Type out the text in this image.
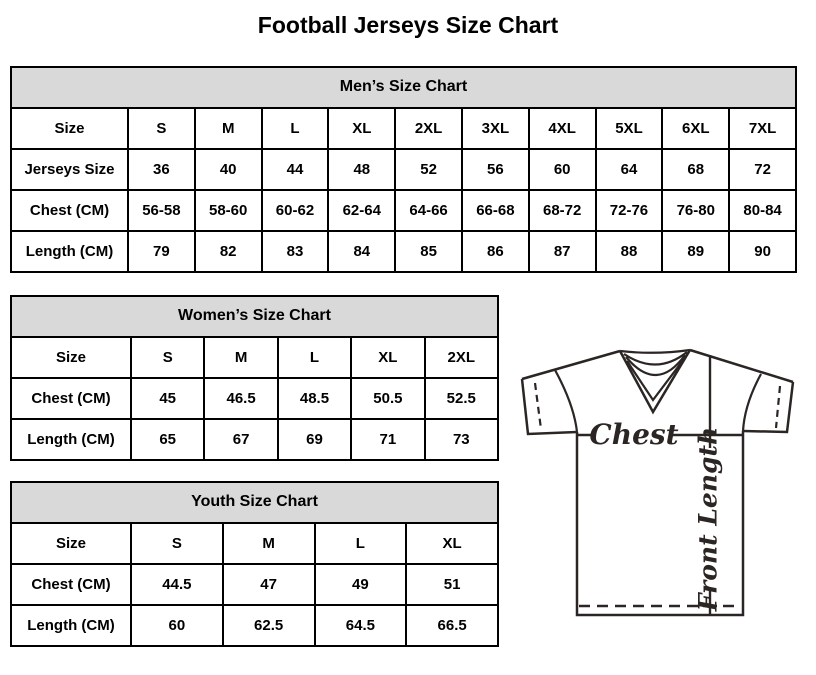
Football Jerseys Size Chart
Men’s Size Chart										
Size	S	M	L	XL	2XL	3XL	4XL	5XL	6XL	7XL
Jerseys Size	36	40	44	48	52	56	60	64	68	72
Chest (CM)	56-58	58-60	60-62	62-64	64-66	66-68	68-72	72-76	76-80	80-84
Length (CM)	79	82	83	84	85	86	87	88	89	90
Women’s Size Chart					
Size	S	M	L	XL	2XL
Chest (CM)	45	46.5	48.5	50.5	52.5
Length (CM)	65	67	69	71	73
Youth Size Chart				
Size	S	M	L	XL
Chest (CM)	44.5	47	49	51
Length (CM)	60	62.5	64.5	66.5
Chest Front Length
